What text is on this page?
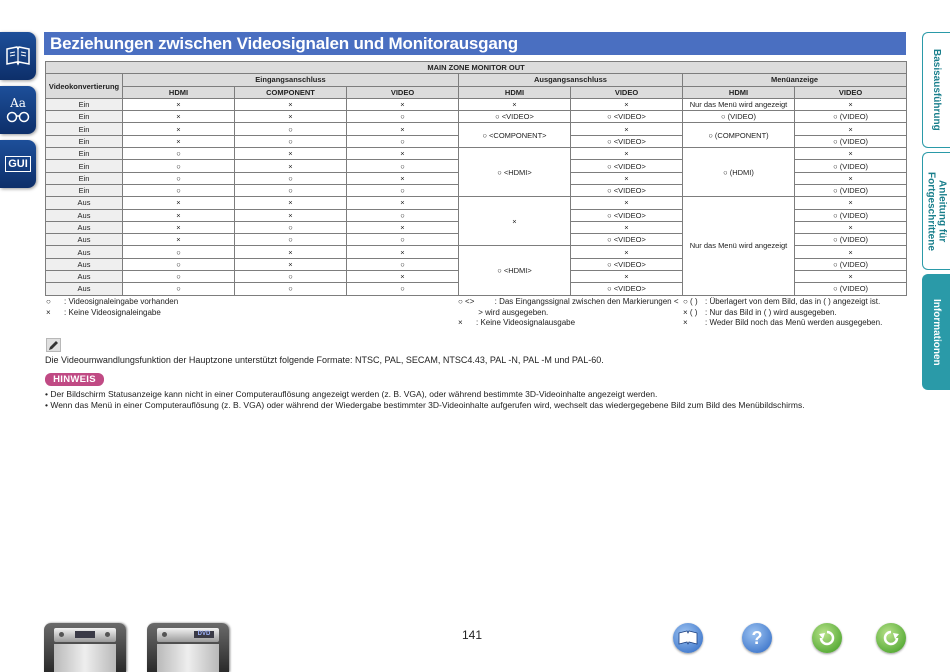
Aa
GUI
Beziehungen zwischen Videosignalen und Monitorausgang
Basisausführung
Anleitung für
Fortgeschrittene
Informationen
MAIN ZONE MONITOR OUT							
Videokonvertierung	Eingangsanschluss			Ausgangsanschluss		Menüanzeige	
	HDMI	COMPONENT	VIDEO	HDMI	VIDEO	HDMI	VIDEO
Ein	×	×	×	×	×	Nur das Menü wird angezeigt	×
Ein	×	×	○	○ <VIDEO>	○ <VIDEO>	○ (VIDEO)	○ (VIDEO)
Ein	×	○	×	○ <COMPONENT>	×	○ (COMPONENT)	×
Ein	×	○	○		○ <VIDEO>		○ (VIDEO)
Ein	○	×	×	○ <HDMI>	×	○ (HDMI)	×
Ein	○	×	○		○ <VIDEO>		○ (VIDEO)
Ein	○	○	×		×		×
Ein	○	○	○		○ <VIDEO>		○ (VIDEO)
Aus	×	×	×	×	×	Nur das Menü wird angezeigt	×
Aus	×	×	○		○ <VIDEO>		○ (VIDEO)
Aus	×	○	×		×		×
Aus	×	○	○		○ <VIDEO>		○ (VIDEO)
Aus	○	×	×	○ <HDMI>	×		×
Aus	○	×	○		○ <VIDEO>		○ (VIDEO)
Aus	○	○	×		×		×
Aus	○	○	○		○ <VIDEO>		○ (VIDEO)
○ : Videosignaleingabe vorhanden
× : Keine Videosignaleingabe
○ <> : Das Eingangssignal zwischen den Markierungen <
> wird ausgegeben.
× : Keine Videosignalausgabe
○ ( ) : Überlagert von dem Bild, das in ( ) angezeigt ist.
× ( ) : Nur das Bild in ( ) wird ausgegeben.
× : Weder Bild noch das Menü werden ausgegeben.
Die Videoumwandlungsfunktion der Hauptzone unterstützt folgende Formate: NTSC, PAL, SECAM, NTSC4.43, PAL -N, PAL -M und PAL-60.
HINWEIS
• Der Bildschirm Statusanzeige kann nicht in einer Computerauflösung angezeigt werden (z. B. VGA), oder während bestimmte 3D-Videoinhalte angezeigt werden.
• Wenn das Menü in einer Computerauflösung (z. B. VGA) oder während der Wiedergabe bestimmter 3D-Videoinhalte aufgerufen wird, wechselt das wiedergegebene Bild zum Bild des Menübildschirms.
DVD	141	?
